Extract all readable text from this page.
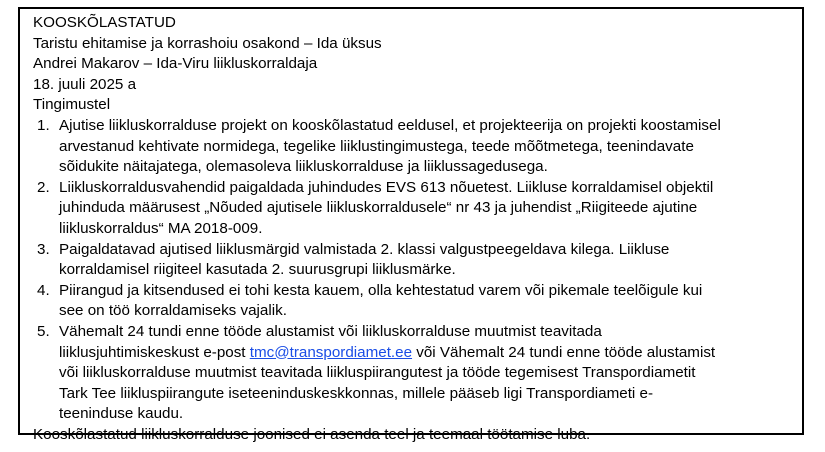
KOOSKÕLASTATUD
Taristu ehitamise ja korrashoiu osakond – Ida üksus
Andrei Makarov – Ida-Viru liikluskorraldaja
18. juuli 2025 a
Tingimustel
1. Ajutise liikluskorralduse projekt on kooskõlastatud eeldusel, et projekteerija on projekti koostamisel
arvestanud kehtivate normidega, tegelike liiklustingimustega, teede mõõtmetega, teenindavate
sõidukite näitajatega, olemasoleva liikluskorralduse ja liiklussagedusega.
2. Liikluskorraldusvahendid paigaldada juhindudes EVS 613 nõuetest. Liikluse korraldamisel objektil
juhinduda määrusest „Nõuded ajutisele liikluskorraldusele“ nr 43 ja juhendist „Riigiteede ajutine
liikluskorraldus“ MA 2018-009.
3. Paigaldatavad ajutised liiklusmärgid valmistada 2. klassi valgustpeegeldava kilega. Liikluse
korraldamisel riigiteel kasutada 2. suurusgrupi liiklusmärke.
4. Piirangud ja kitsendused ei tohi kesta kauem, olla kehtestatud varem või pikemale teelõigule kui
see on töö korraldamiseks vajalik.
5. Vähemalt 24 tundi enne tööde alustamist või liikluskorralduse muutmist teavitada
liiklusjuhtimiskeskust e-post tmc@transpordiamet.ee või Vähemalt 24 tundi enne tööde alustamist
või liikluskorralduse muutmist teavitada liikluspiirangutest ja tööde tegemisest Transpordiametit
Tark Tee liikluspiirangute iseteeninduskeskkonnas, millele pääseb ligi Transpordiameti e-
teeninduse kaudu.
Kooskõlastatud liikluskorralduse joonised ei asenda teel ja teemaal töötamise luba.
